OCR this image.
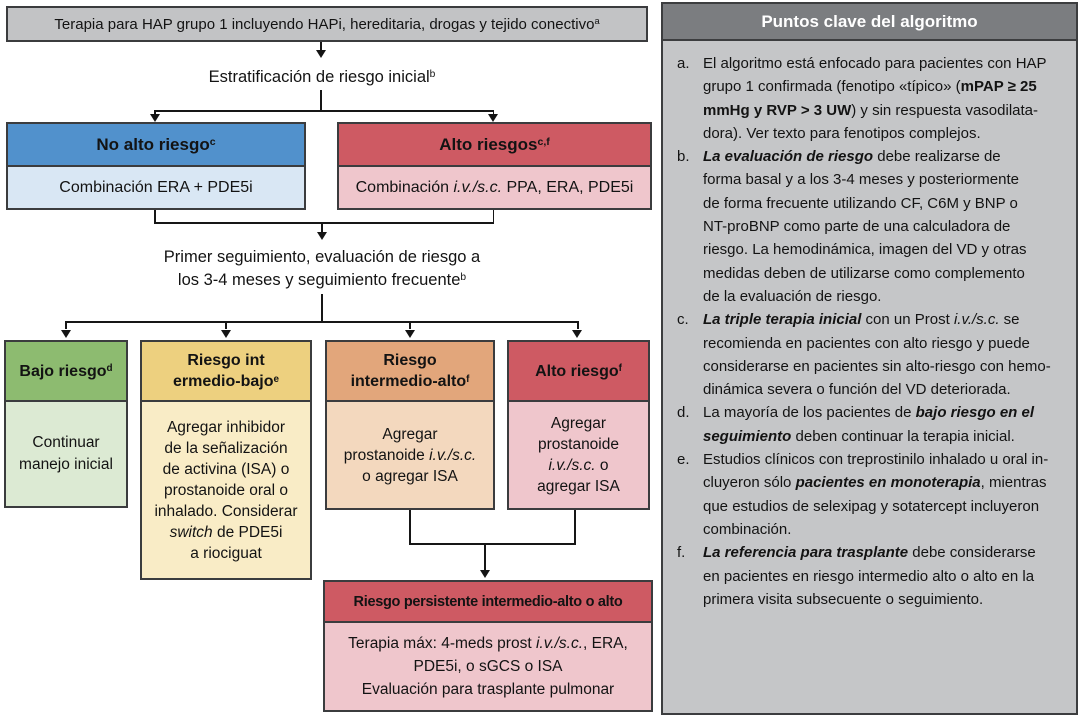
Terapia para HAP grupo 1 incluyendo HAPi, hereditaria, drogas y tejido conectivo$^a$
Estratificación de riesgo inicial$^b$
No alto riesgo$^c$
Combinación ERA + PDE5i
Alto riesgos$^{c,f}$
Combinación i.v./s.c. PPA, ERA, PDE5i
Primer seguimiento, evaluación de riesgo a
los 3-4 meses y seguimiento frecuente$^b$
Bajo riesgo$^d$
Continuar
manejo inicial
Riesgo int
ermedio-bajo$^e$
Agregar inhibidor
de la señalización
de activina (ISA) o
prostanoide oral o
inhalado. Considerar
switch de PDE5i
a riociguat
Riesgo
intermedio-alto$^f$
Agregar
prostanoide i.v./s.c.
o agregar ISA
Alto riesgo$^f$
Agregar
prostanoide
i.v./s.c. o
agregar ISA
Riesgo persistente intermedio-alto o alto
Terapia máx: 4-meds prost i.v./s.c., ERA,
PDE5i, o sGCS o ISA
Evaluación para trasplante pulmonar
Puntos clave del algoritmo
a. El algoritmo está enfocado para pacientes con HAP
grupo 1 confirmada (fenotipo «típico» (mPAP ≥ 25
mmHg y RVP > 3 UW) y sin respuesta vasodilata-
dora). Ver texto para fenotipos complejos.
b. La evaluación de riesgo debe realizarse de
forma basal y a los 3-4 meses y posteriormente
de forma frecuente utilizando CF, C6M y BNP o
NT-proBNP como parte de una calculadora de
riesgo. La hemodinámica, imagen del VD y otras
medidas deben de utilizarse como complemento
de la evaluación de riesgo.
c. La triple terapia inicial con un Prost i.v./s.c. se
recomienda en pacientes con alto riesgo y puede
considerarse en pacientes sin alto-riesgo con hemo-
dinámica severa o función del VD deteriorada.
d. La mayoría de los pacientes de bajo riesgo en el
seguimiento deben continuar la terapia inicial.
e. Estudios clínicos con treprostinilo inhalado u oral in-
cluyeron sólo pacientes en monoterapia, mientras
que estudios de selexipag y sotatercept incluyeron
combinación.
f.	La referencia para trasplante debe considerarse
en pacientes en riesgo intermedio alto o alto en la
primera visita subsecuente o seguimiento.
